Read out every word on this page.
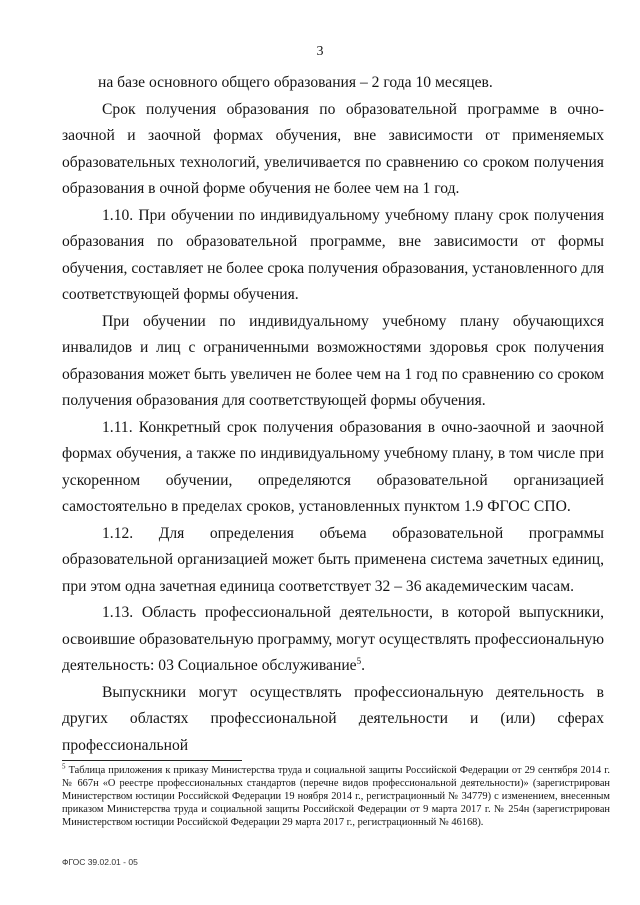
3

на базе основного общего образования – 2 года 10 месяцев.

Срок получения образования по образовательной программе в очно-заочной и заочной формах обучения, вне зависимости от применяемых образовательных технологий, увеличивается по сравнению со сроком получения образования в очной форме обучения не более чем на 1 год.

1.10. При обучении по индивидуальному учебному плану срок получения образования по образовательной программе, вне зависимости от формы обучения, составляет не более срока получения образования, установленного для соответствующей формы обучения.

При обучении по индивидуальному учебному плану обучающихся инвалидов и лиц с ограниченными возможностями здоровья срок получения образования может быть увеличен не более чем на 1 год по сравнению со сроком получения образования для соответствующей формы обучения.

1.11. Конкретный срок получения образования в очно-заочной и заочной формах обучения, а также по индивидуальному учебному плану, в том числе при ускоренном обучении, определяются образовательной организацией самостоятельно в пределах сроков, установленных пунктом 1.9 ФГОС СПО.

1.12. Для определения объема образовательной программы образовательной организацией может быть применена система зачетных единиц, при этом одна зачетная единица соответствует 32 – 36 академическим часам.

1.13. Область профессиональной деятельности, в которой выпускники, освоившие образовательную программу, могут осуществлять профессиональную деятельность: 03 Социальное обслуживание$^5$.

Выпускники могут осуществлять профессиональную деятельность в других областях профессиональной деятельности и (или) сферах профессиональной

$^5$ Таблица приложения к приказу Министерства труда и социальной защиты Российской Федерации от 29 сентября 2014 г. № 667н «О реестре профессиональных стандартов (перечне видов профессиональной деятельности)» (зарегистрирован Министерством юстиции Российской Федерации 19 ноября 2014 г., регистрационный № 34779) с изменением, внесенным приказом Министерства труда и социальной защиты Российской Федерации от 9 марта 2017 г. № 254н (зарегистрирован Министерством юстиции Российской Федерации 29 марта 2017 г., регистрационный № 46168).
ФГОС 39.02.01 - 05
